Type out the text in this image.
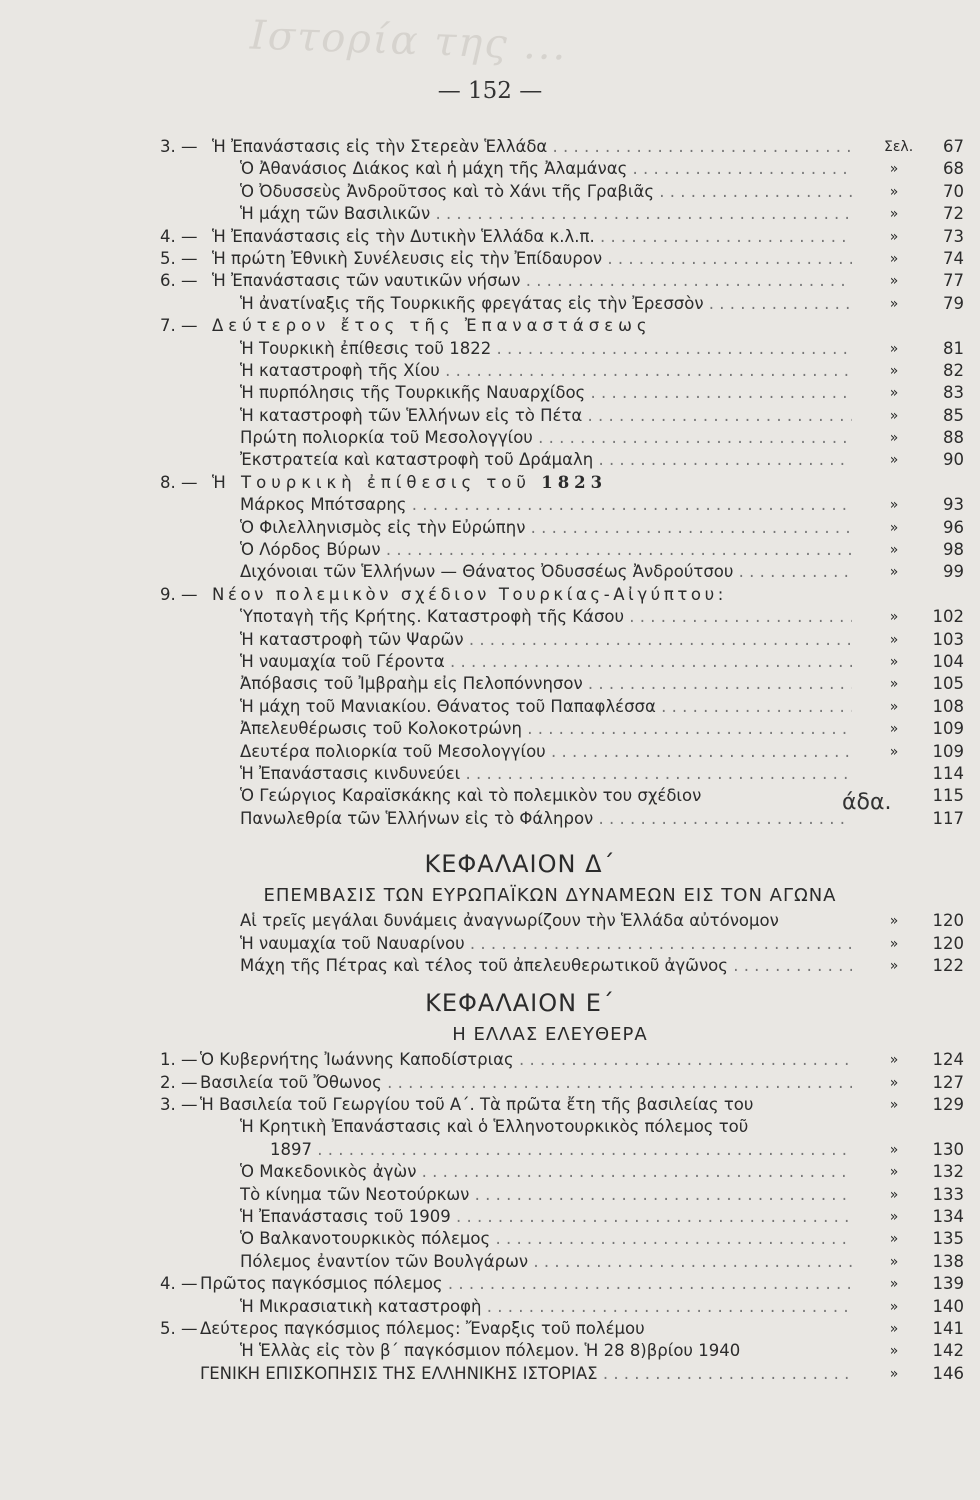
Ιστορία της ...
— 152 —
3. — Ἡ Ἐπανάστασις εἰς τὴν Στερεὰν Ἑλλάδα . . .	Σελ.	67
Ὁ Ἀθανάσιος Διάκος καὶ ἡ μάχη τῆς Ἀλαμάνας . . .	»	68
Ὁ Ὀδυσσεὺς Ἀνδροῦτσος καὶ τὸ Χάνι τῆς Γραβιᾶς . . .	»	70
Ἡ μάχη τῶν Βασιλικῶν . . .	»	72
4. — Ἡ Ἐπανάστασις εἰς τὴν Δυτικὴν Ἑλλάδα κ.λ.π. . . .	»	73
5. — Ἡ πρώτη Ἐθνικὴ Συνέλευσις εἰς τὴν Ἐπίδαυρον . . .	»	74
6. — Ἡ Ἐπανάστασις τῶν ναυτικῶν νήσων . . .	»	77
Ἡ ἀνατίναξις τῆς Τουρκικῆς φρεγάτας εἰς τὴν Ἐρεσσὸν . . .	»	79
7. — Δεύτερον ἔτος τῆς Ἐπαναστάσεως
Ἡ Τουρκικὴ ἐπίθεσις τοῦ 1822 . . .	»	81
Ἡ καταστροφὴ τῆς Χίου . . .	»	82
Ἡ πυρπόλησις τῆς Τουρκικῆς Ναυαρχίδος . . .	»	83
Ἡ καταστροφὴ τῶν Ἑλλήνων εἰς τὸ Πέτα . . .	»	85
Πρώτη πολιορκία τοῦ Μεσολογγίου . . .	»	88
Ἐκστρατεία καὶ καταστροφὴ τοῦ Δράμαλη . . .	»	90
8. — Ἡ Τουρκικὴ ἐπίθεσις τοῦ 1823
Μάρκος Μπότσαρης . . .	»	93
Ὁ Φιλελληνισμὸς εἰς τὴν Εὐρώπην . . .	»	96
Ὁ Λόρδος Βύρων . . .	»	98
Διχόνοιαι τῶν Ἑλλήνων — Θάνατος Ὀδυσσέως Ἀνδρούτσου . . .	»	99
9. — Νέον πολεμικὸν σχέδιον Τουρκίας-Αἰγύπτου:
Ὑποταγὴ τῆς Κρήτης. Καταστροφὴ τῆς Κάσου . . .	»	102
Ἡ καταστροφὴ τῶν Ψαρῶν . . .	»	103
Ἡ ναυμαχία τοῦ Γέροντα . . .	»	104
Ἀπόβασις τοῦ Ἰμβραὴμ εἰς Πελοπόννησον . . .	»	105
Ἡ μάχη τοῦ Μανιακίου. Θάνατος τοῦ Παπαφλέσσα . . .	»	108
Ἀπελευθέρωσις τοῦ Κολοκοτρώνη . . .	»	109
Δευτέρα πολιορκία τοῦ Μεσολογγίου . . .	»	109
Ἡ Ἐπανάστασις κινδυνεύει . . .	114
Ὁ Γεώργιος Καραϊσκάκης καὶ τὸ πολεμικὸν του σχέδιον	115
Πανωλεθρία τῶν Ἑλλήνων εἰς τὸ Φάληρον . . .	117
ΚΕΦΑΛΑΙΟΝ Δ΄
ΕΠΕΜΒΑΣΙΣ ΤΩΝ ΕΥΡΩΠΑΪΚΩΝ ΔΥΝΑΜΕΩΝ ΕΙΣ ΤΟΝ ΑΓΩΝΑ
Αἱ τρεῖς μεγάλαι δυνάμεις ἀναγνωρίζουν τὴν Ἑλλάδα αὐτόνομον	»	120
Ἡ ναυμαχία τοῦ Ναυαρίνου . . .	»	120
Μάχη τῆς Πέτρας καὶ τέλος τοῦ ἀπελευθερωτικοῦ ἀγῶνος . . .	»	122
ΚΕΦΑΛΑΙΟΝ Ε΄
Η ΕΛΛΑΣ ΕΛΕΥΘΕΡΑ
1. — Ὁ Κυβερνήτης Ἰωάννης Καποδίστριας . . .	»	124
2. — Βασιλεία τοῦ Ὄθωνος . . .	»	127
3. — Ἡ Βασιλεία τοῦ Γεωργίου τοῦ Α΄. Τὰ πρῶτα ἔτη τῆς βασιλείας του	»	129
Ἡ Κρητικὴ Ἐπανάστασις καὶ ὁ Ἑλληνοτουρκικὸς πόλεμος τοῦ
1897 . . .	»	130
Ὁ Μακεδονικὸς ἀγὼν . . .	»	132
Τὸ κίνημα τῶν Νεοτούρκων . . .	»	133
Ἡ Ἐπανάστασις τοῦ 1909 . . .	»	134
Ὁ Βαλκανοτουρκικὸς πόλεμος . . .	»	135
Πόλεμος ἐναντίον τῶν Βουλγάρων . . .	»	138
4. — Πρῶτος παγκόσμιος πόλεμος . . .	»	139
Ἡ Μικρασιατικὴ καταστροφὴ . . .	»	140
5. — Δεύτερος παγκόσμιος πόλεμος: Ἔναρξις τοῦ πολέμου	»	141
Ἡ Ἑλλὰς εἰς τὸν β΄ παγκόσμιον πόλεμον. Ἡ 28 8)βρίου 1940	»	142
ΓΕΝΙΚΗ ΕΠΙΣΚΟΠΗΣΙΣ ΤΗΣ ΕΛΛΗΝΙΚΗΣ ΙΣΤΟΡΙΑΣ . . .	»	146
άδα.
